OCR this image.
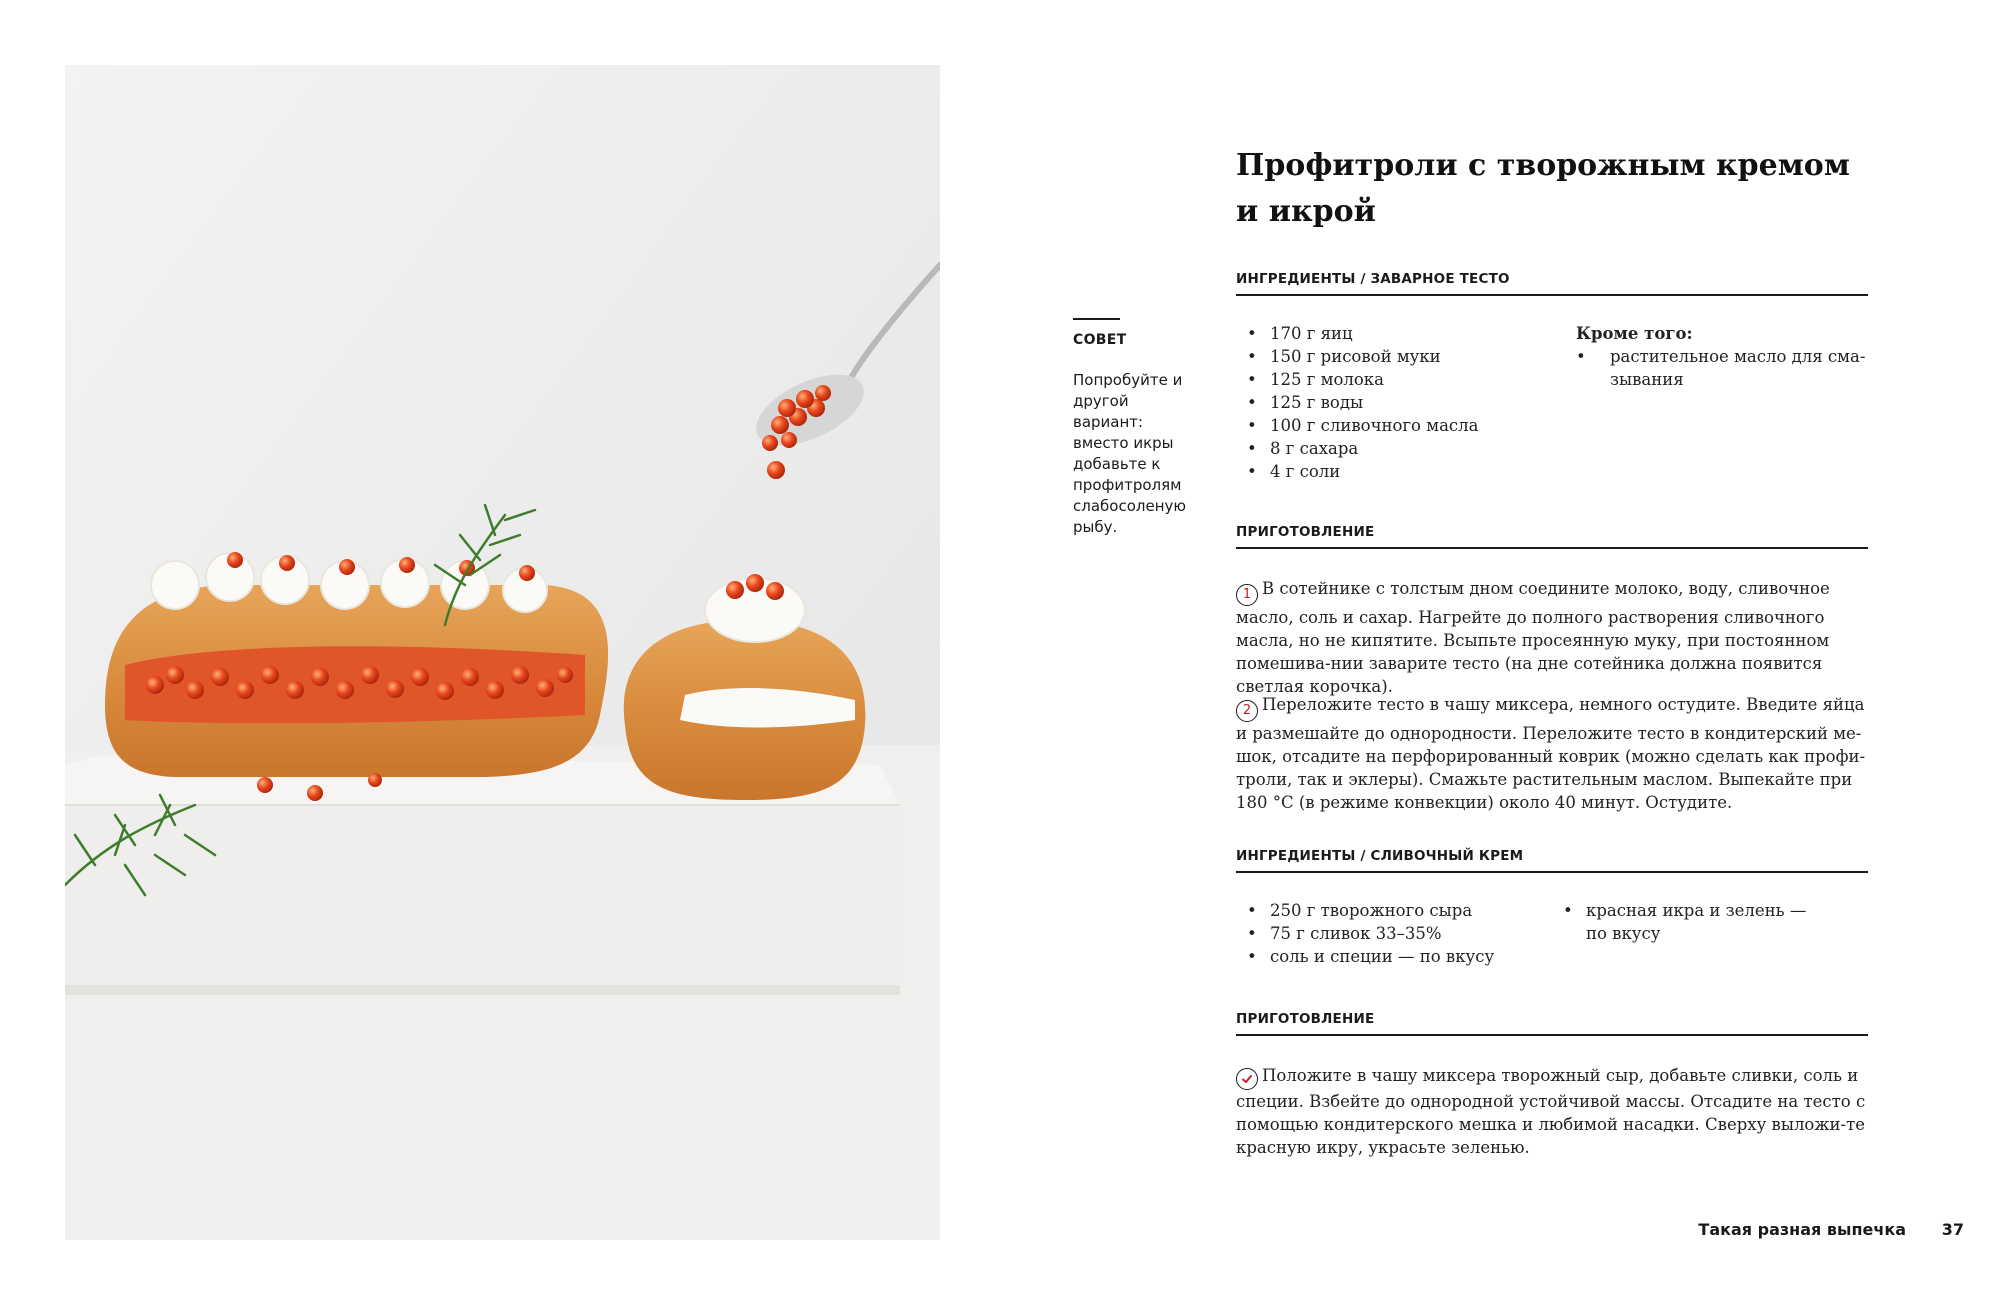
СОВЕТ
Попробуйте и другой вариант: вместо икры добавьте к профитролям слабосоленую рыбу.
Профитроли с творожным кремом и икрой
ИНГРЕДИЕНТЫ / ЗАВАРНОЕ ТЕСТО
• 170 г яиц
• 150 г рисовой муки
• 125 г молока
• 125 г воды
• 100 г сливочного масла
• 8 г сахара
• 4 г соли
Кроме того:
• растительное масло для сма-зывания
ПРИГОТОВЛЕНИЕ

1 В сотейнике с толстым дном соедините молоко, воду, сливочное масло, соль и сахар. Нагрейте до полного растворения сливочного масла, но не кипятите. Всыпьте просеянную муку, при постоянном помешива-нии заварите тесто (на дне сотейника должна появится светлая корочка).

2 Переложите тесто в чашу миксера, немного остудите. Введите яйца и размешайте до однородности. Переложите тесто в кондитерский ме-шок, отсадите на перфорированный коврик (можно сделать как профи-троли, так и эклеры). Смажьте растительным маслом. Выпекайте при 180 °C (в режиме конвекции) около 40 минут. Остудите.

ИНГРЕДИЕНТЫ / СЛИВОЧНЫЙ КРЕМ
• 250 г творожного сыра
• 75 г сливок 33–35%
• соль и специи — по вкусу
• красная икра и зелень — по вкусу
ПРИГОТОВЛЕНИЕ

Положите в чашу миксера творожный сыр, добавьте сливки, соль и специи. Взбейте до однородной устойчивой массы. Отсадите на тесто с помощью кондитерского мешка и любимой насадки. Сверху выложи-те красную икру, украсьте зеленью.

Такая разная выпечка 37
